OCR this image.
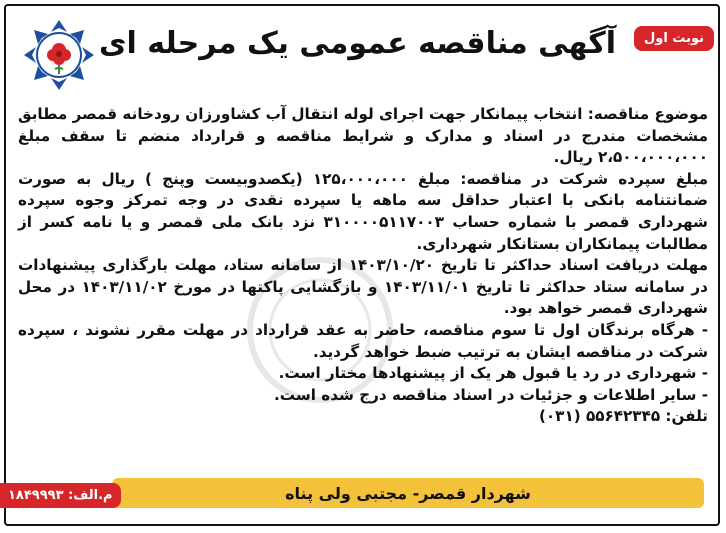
آگهی مناقصه عمومی یک مرحله ای	نوبت اول

موضوع مناقصه: انتخاب پیمانکار جهت اجرای لوله انتقال آب کشاورزان رودخانه قمصر مطابق مشخصات مندرج در اسناد و مدارک و شرایط مناقصه و قرارداد منضم تا سقف مبلغ ۲،۵۰۰،۰۰۰،۰۰۰ ریال.

مبلغ سپرده شرکت در مناقصه: مبلغ ۱۲۵،۰۰۰،۰۰۰ (یکصدوبیست وپنج ) ریال به صورت ضمانتنامه بانکی با اعتبار حداقل سه ماهه یا سپرده نقدی در وجه تمرکز وجوه سپرده شهرداری قمصر با شماره حساب ۳۱۰۰۰۰۵۱۱۷۰۰۳ نزد بانک ملی قمصر و یا نامه کسر از مطالبات پیمانکاران بستانکار شهرداری.

مهلت دریافت اسناد حداکثر تا تاریخ ۱۴۰۳/۱۰/۲۰ از سامانه ستاد، مهلت بارگذاری پیشنهادات در سامانه ستاد حداکثر تا تاریخ ۱۴۰۳/۱۱/۰۱ و بازگشایی پاکتها در مورخ ۱۴۰۳/۱۱/۰۲ در محل شهرداری قمصر خواهد بود.

- هرگاه برندگان اول تا سوم مناقصه، حاضر به عقد قرارداد در مهلت مقرر نشوند ، سپرده شرکت در مناقصه ایشان به ترتیب ضبط خواهد گردید.

- شهرداری در رد یا قبول هر یک از پیشنهادها مختار است.

- سایر اطلاعات و جزئیات در اسناد مناقصه درج شده است.

تلفن: ۵۵۶۴۲۳۴۵ (۰۳۱)

شهردار قمصر- مجتبی ولی پناه
م.الف: ۱۸۴۹۹۹۳
